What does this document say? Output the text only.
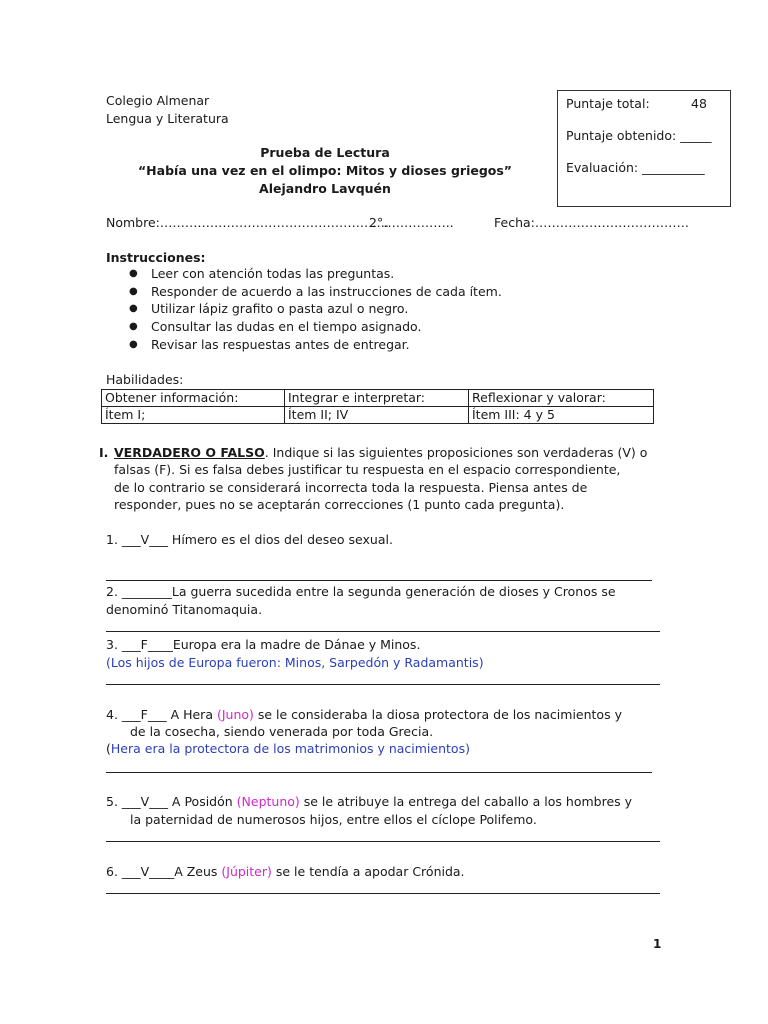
Colegio Almenar
Lengua y Literatura
Puntaje total:	48
Puntaje obtenido: _____
Evaluación: __________
Prueba de Lectura
“Había una vez en el olimpo: Mitos y dioses griegos”
Alejandro Lavquén
Nombre:……………………………………………….
2°……………..	Fecha:……………………………….
Instrucciones:
● Leer con atención todas las preguntas.
● Responder de acuerdo a las instrucciones de cada ítem.
● Utilizar lápiz grafito o pasta azul o negro.
● Consultar las dudas en el tiempo asignado.
● Revisar las respuestas antes de entregar.
Habilidades:
Obtener información:	Integrar e interpretar:	Reflexionar y valorar:
Ítem I;	Ítem II; IV	Ítem III: 4 y 5
I. VERDADERO O FALSO. Indique si las siguientes proposiciones son verdaderas (V) o
falsas (F). Si es falsa debes justificar tu respuesta en el espacio correspondiente,
de lo contrario se considerará incorrecta toda la respuesta. Piensa antes de
responder, pues no se aceptarán correcciones (1 punto cada pregunta).
1. ___V___ Hímero es el dios del deseo sexual.
2. ________La guerra sucedida entre la segunda generación de dioses y Cronos se
denominó Titanomaquia.
3. ___F____Europa era la madre de Dánae y Minos.
(Los hijos de Europa fueron: Minos, Sarpedón y Radamantis)
4. ___F___ A Hera (Juno) se le consideraba la diosa protectora de los nacimientos y
de la cosecha, siendo venerada por toda Grecia.
(Hera era la protectora de los matrimonios y nacimientos)
5. ___V___ A Posidón (Neptuno) se le atribuye la entrega del caballo a los hombres y
la paternidad de numerosos hijos, entre ellos el cíclope Polifemo.
6. ___V____A Zeus (Júpiter) se le tendía a apodar Crónida.
1
